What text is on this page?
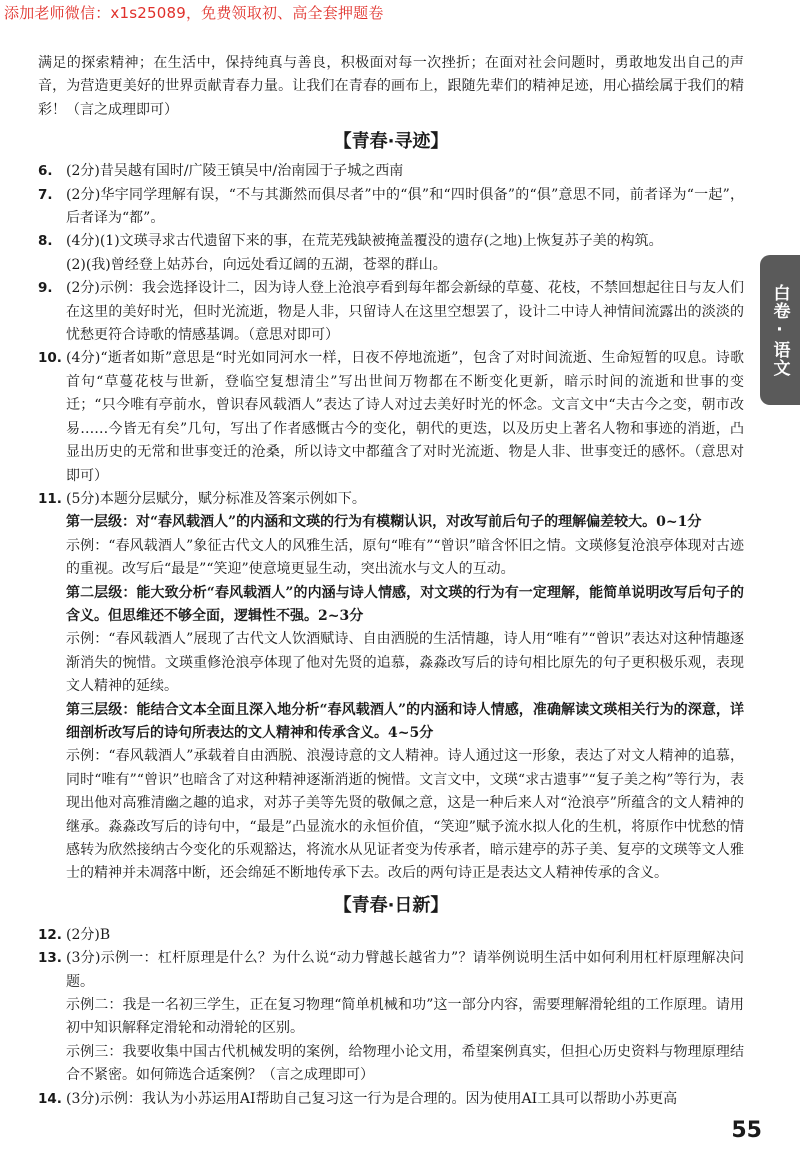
添加老师微信：x1s25089，免费领取初、高全套押题卷
白卷·语文

满足的探索精神；在生活中，保持纯真与善良，积极面对每一次挫折；在面对社会问题时，勇敢地发出自己的声音，为营造更美好的世界贡献青春力量。让我们在青春的画布上，跟随先辈们的精神足迹，用心描绘属于我们的精彩！（言之成理即可）

【青春·寻迹】
6. (2分)昔吴越有国时/广陵王镇吴中/治南园于子城之西南
7. (2分)华宇同学理解有误，“不与其澌然而俱尽者”中的“俱”和“四时俱备”的“俱”意思不同，前者译为“一起”，后者译为“都”。
8. (4分)(1)文瑛寻求古代遗留下来的事，在荒芜残缺被掩盖覆没的遗存(之地)上恢复苏子美的构筑。
(2)(我)曾经登上姑苏台，向远处看辽阔的五湖，苍翠的群山。
9. (2分)示例：我会选择设计二，因为诗人登上沧浪亭看到每年都会新绿的草蔓、花枝，不禁回想起往日与友人们在这里的美好时光，但时光流逝，物是人非，只留诗人在这里空想罢了，设计二中诗人神情间流露出的淡淡的忧愁更符合诗歌的情感基调。（意思对即可）
10. (4分)“逝者如斯”意思是“时光如同河水一样，日夜不停地流逝”，包含了对时间流逝、生命短暂的叹息。诗歌首句“草蔓花枝与世新，登临空复想清尘”写出世间万物都在不断变化更新，暗示时间的流逝和世事的变迁；“只今唯有亭前水，曾识春风载酒人”表达了诗人对过去美好时光的怀念。文言文中“夫古今之变，朝市改易……今皆无有矣”几句，写出了作者感慨古今的变化，朝代的更迭，以及历史上著名人物和事迹的消逝，凸显出历史的无常和世事变迁的沧桑，所以诗文中都蕴含了对时光流逝、物是人非、世事变迁的感怀。（意思对即可）
11. (5分)本题分层赋分，赋分标准及答案示例如下。
第一层级：对“春风载酒人”的内涵和文瑛的行为有模糊认识，对改写前后句子的理解偏差较大。0~1分
示例：“春风载酒人”象征古代文人的风雅生活，原句“唯有”“曾识”暗含怀旧之情。文瑛修复沧浪亭体现对古迹的重视。改写后“最是”“笑迎”使意境更显生动，突出流水与文人的互动。
第二层级：能大致分析“春风载酒人”的内涵与诗人情感，对文瑛的行为有一定理解，能简单说明改写后句子的含义。但思维还不够全面，逻辑性不强。2~3分
示例：“春风载酒人”展现了古代文人饮酒赋诗、自由洒脱的生活情趣，诗人用“唯有”“曾识”表达对这种情趣逐渐消失的惋惜。文瑛重修沧浪亭体现了他对先贤的追慕，淼淼改写后的诗句相比原先的句子更积极乐观，表现文人精神的延续。
第三层级：能结合文本全面且深入地分析“春风载酒人”的内涵和诗人情感，准确解读文瑛相关行为的深意，详细剖析改写后的诗句所表达的文人精神和传承含义。4~5分
示例：“春风载酒人”承载着自由洒脱、浪漫诗意的文人精神。诗人通过这一形象，表达了对文人精神的追慕，同时“唯有”“曾识”也暗含了对这种精神逐渐消逝的惋惜。文言文中，文瑛“求古遗事”“复子美之构”等行为，表现出他对高雅清幽之趣的追求，对苏子美等先贤的敬佩之意，这是一种后来人对“沧浪亭”所蕴含的文人精神的继承。淼淼改写后的诗句中，“最是”凸显流水的永恒价值，“笑迎”赋予流水拟人化的生机，将原作中忧愁的情感转为欣然接纳古今变化的乐观豁达，将流水从见证者变为传承者，暗示建亭的苏子美、复亭的文瑛等文人雅士的精神并未凋落中断，还会绵延不断地传承下去。改后的两句诗正是表达文人精神传承的含义。
【青春·日新】
12. (2分)B
13. (3分)示例一：杠杆原理是什么？为什么说“动力臂越长越省力”？请举例说明生活中如何利用杠杆原理解决问题。
示例二：我是一名初三学生，正在复习物理“简单机械和功”这一部分内容，需要理解滑轮组的工作原理。请用初中知识解释定滑轮和动滑轮的区别。
示例三：我要收集中国古代机械发明的案例，给物理小论文用，希望案例真实，但担心历史资料与物理原理结合不紧密。如何筛选合适案例？（言之成理即可）
14. (3分)示例：我认为小苏运用AI帮助自己复习这一行为是合理的。因为使用AI工具可以帮助小苏更高
55
